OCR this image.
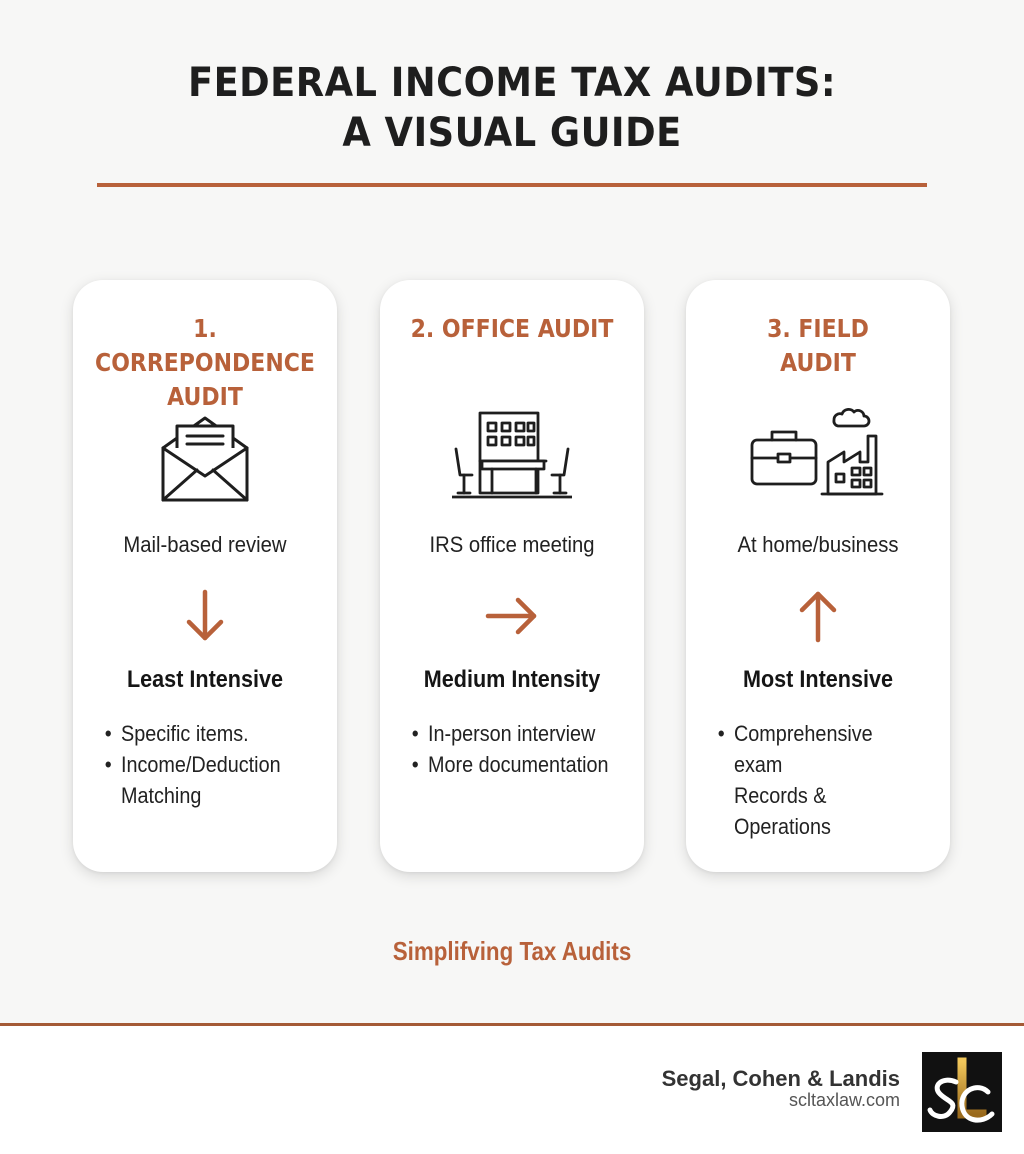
FEDERAL INCOME TAX AUDITS:
A VISUAL GUIDE
1. CORREPONDENCE
AUDIT
Mail-based review
Least Intensive
• Specific items.
• Income/Deduction
Matching
2. OFFICE AUDIT
IRS office meeting
Medium Intensity
• In-person interview
• More documentation
3. FIELD
AUDIT
At home/business
Most Intensive
• Comprehensive exam
Records & Operations
Simplifving Tax Audits
Segal, Cohen & Landis
scltaxlaw.com
